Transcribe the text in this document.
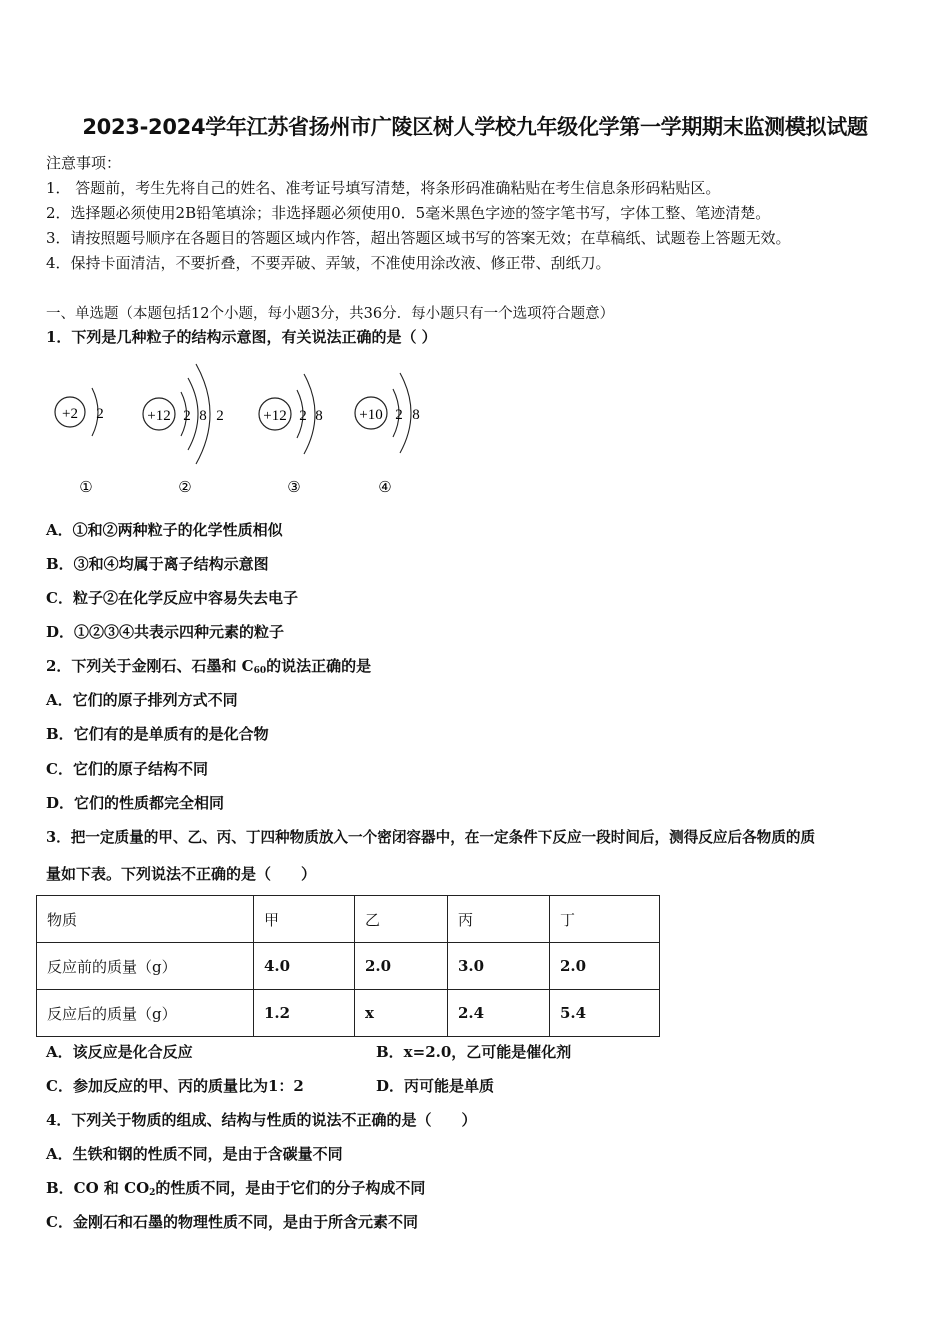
2023-2024学年江苏省扬州市广陵区树人学校九年级化学第一学期期末监测模拟试题
注意事项：
1． 答题前，考生先将自己的姓名、准考证号填写清楚，将条形码准确粘贴在考生信息条形码粘贴区。
2．选择题必须使用2B铅笔填涂；非选择题必须使用0．5毫米黑色字迹的签字笔书写，字体工整、笔迹清楚。
3．请按照题号顺序在各题目的答题区域内作答，超出答题区域书写的答案无效；在草稿纸、试题卷上答题无效。
4．保持卡面清洁，不要折叠，不要弄破、弄皱，不准使用涂改液、修正带、刮纸刀。
一、单选题（本题包括12个小题，每小题3分，共36分．每小题只有一个选项符合题意）
1．下列是几种粒子的结构示意图，有关说法正确的是（ ）
+2 2
①
+12 2 8 2
②
+12 2 8
③
+10 2 8
④
A．①和②两种粒子的化学性质相似
B．③和④均属于离子结构示意图
C．粒子②在化学反应中容易失去电子
D．①②③④共表示四种元素的粒子
2．下列关于金刚石、石墨和 $C_{60}$的说法正确的是
A．它们的原子排列方式不同
B．它们有的是单质有的是化合物
C．它们的原子结构不同
D．它们的性质都完全相同
3．把一定质量的甲、乙、丙、丁四种物质放入一个密闭容器中，在一定条件下反应一段时间后，测得反应后各物质的质
量如下表。下列说法不正确的是（　　）
物质	甲	乙	丙	丁
反应前的质量（g）	4.0	2.0	3.0	2.0
反应后的质量（g）	1.2	x	2.4	5.4
A．该反应是化合反应	B．x=2.0，乙可能是催化剂
C．参加反应的甲、丙的质量比为1：2	D．丙可能是单质
4．下列关于物质的组成、结构与性质的说法不正确的是（　　）
A．生铁和钢的性质不同，是由于含碳量不同
B．CO 和 $CO_2$的性质不同，是由于它们的分子构成不同
C．金刚石和石墨的物理性质不同，是由于所含元素不同
